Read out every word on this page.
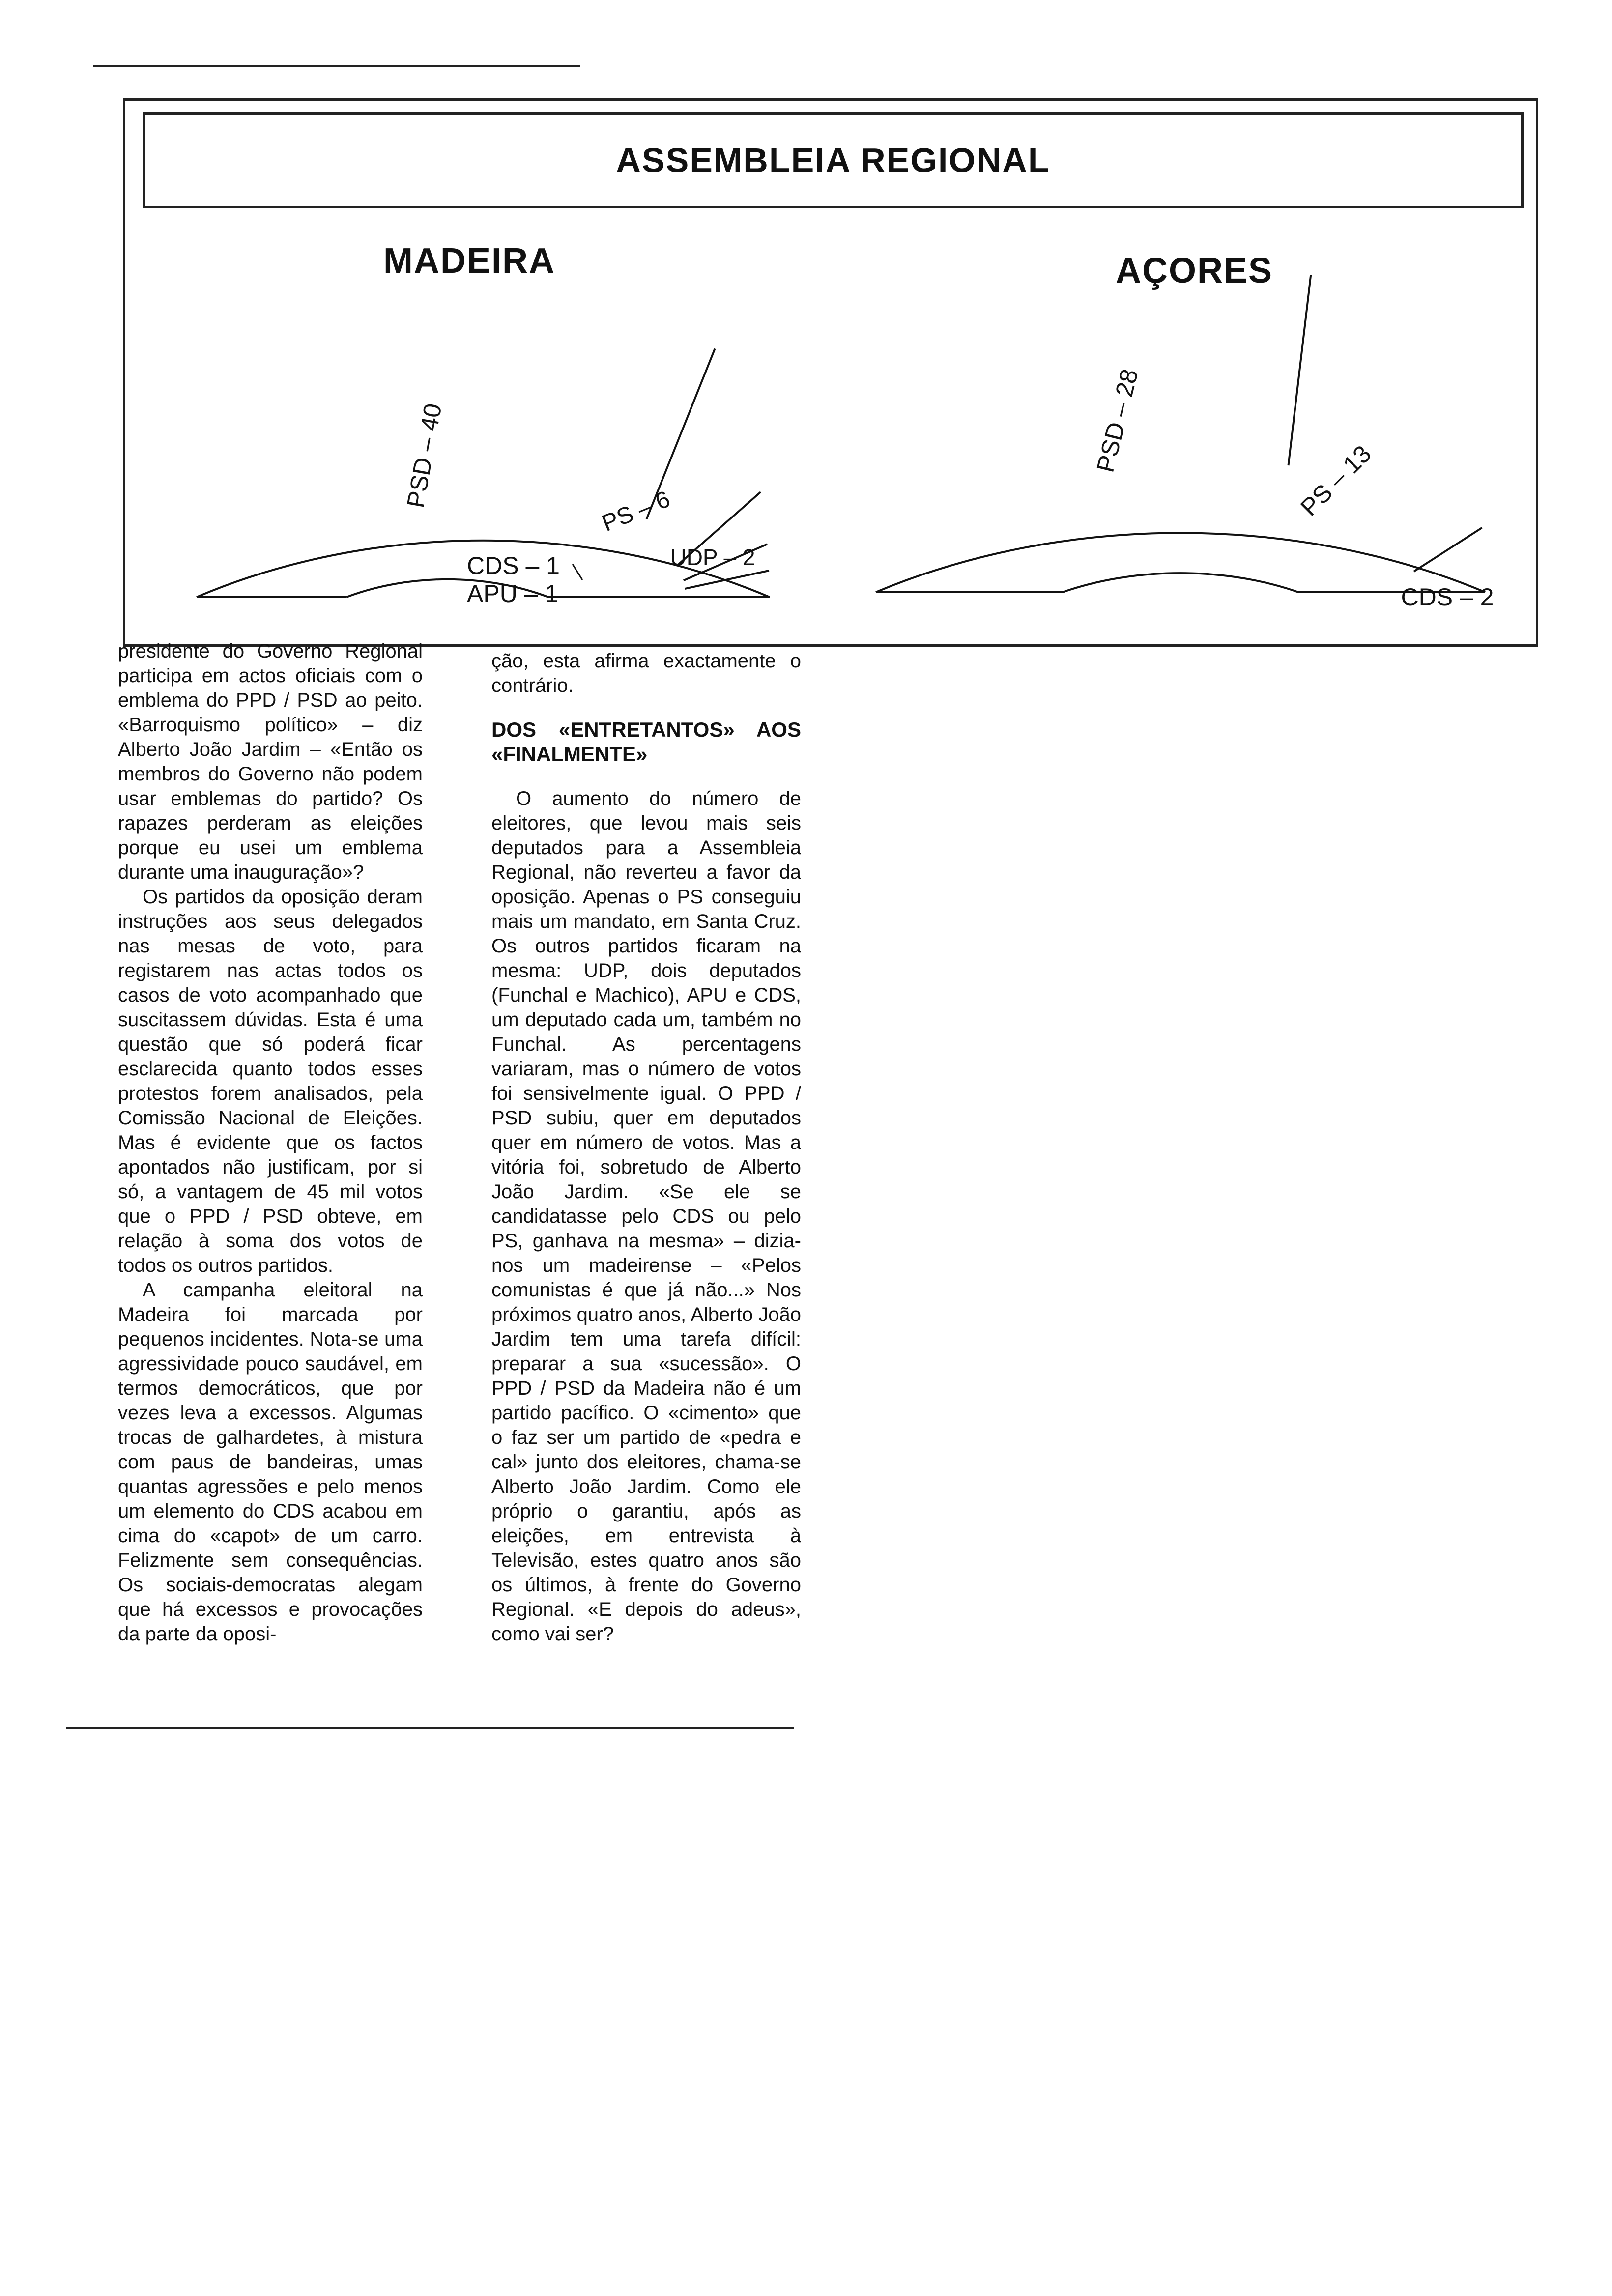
ASSEMBLEIA REGIONAL
MADEIRA	AÇORES
PSD – 40
PS – 6
UDP – 2
CDS – 1
APU – 1
PSD – 28
PS – 13
CDS – 2

presidente do Governo Regional participa em actos oficiais com o emblema do PPD / PSD ao peito. «Barroquismo político» – diz Alberto João Jardim – «Então os membros do Governo não podem usar emblemas do partido? Os rapazes perderam as eleições porque eu usei um emblema durante uma inauguração»?

Os partidos da oposição deram instruções aos seus delegados nas mesas de voto, para registarem nas actas todos os casos de voto acompanhado que suscitassem dúvidas. Esta é uma questão que só poderá ficar esclarecida quanto todos esses protestos forem analisados, pela Comissão Nacional de Eleições. Mas é evidente que os factos apontados não justificam, por si só, a vantagem de 45 mil votos que o PPD / PSD obteve, em relação à soma dos votos de todos os outros partidos.

A campanha eleitoral na Madeira foi marcada por pequenos incidentes. Nota-se uma agressividade pouco saudável, em termos democráticos, que por vezes leva a excessos. Algumas trocas de galhardetes, à mistura com paus de bandeiras, umas quantas agressões e pelo menos um elemento do CDS acabou em cima do «capot» de um carro. Felizmente sem consequências. Os sociais-democratas alegam que há excessos e provocações da parte da oposi-

ção, esta afirma exactamente o contrário.

DOS «ENTRETANTOS» AOS «FINALMENTE»

O aumento do número de eleitores, que levou mais seis deputados para a Assembleia Regional, não reverteu a favor da oposição. Apenas o PS conseguiu mais um mandato, em Santa Cruz. Os outros partidos ficaram na mesma: UDP, dois deputados (Funchal e Machico), APU e CDS, um deputado cada um, também no Funchal. As percentagens variaram, mas o número de votos foi sensivelmente igual. O PPD / PSD subiu, quer em deputados quer em número de votos. Mas a vitória foi, sobretudo de Alberto João Jardim. «Se ele se candidatasse pelo CDS ou pelo PS, ganhava na mesma» – dizia-nos um madeirense – «Pelos comunistas é que já não...» Nos próximos quatro anos, Alberto João Jardim tem uma tarefa difícil: preparar a sua «sucessão». O PPD / PSD da Madeira não é um partido pacífico. O «cimento» que o faz ser um partido de «pedra e cal» junto dos eleitores, chama-se Alberto João Jardim. Como ele próprio o garantiu, após as eleições, em entrevista à Televisão, estes quatro anos são os últimos, à frente do Governo Regional. «E depois do adeus», como vai ser?
